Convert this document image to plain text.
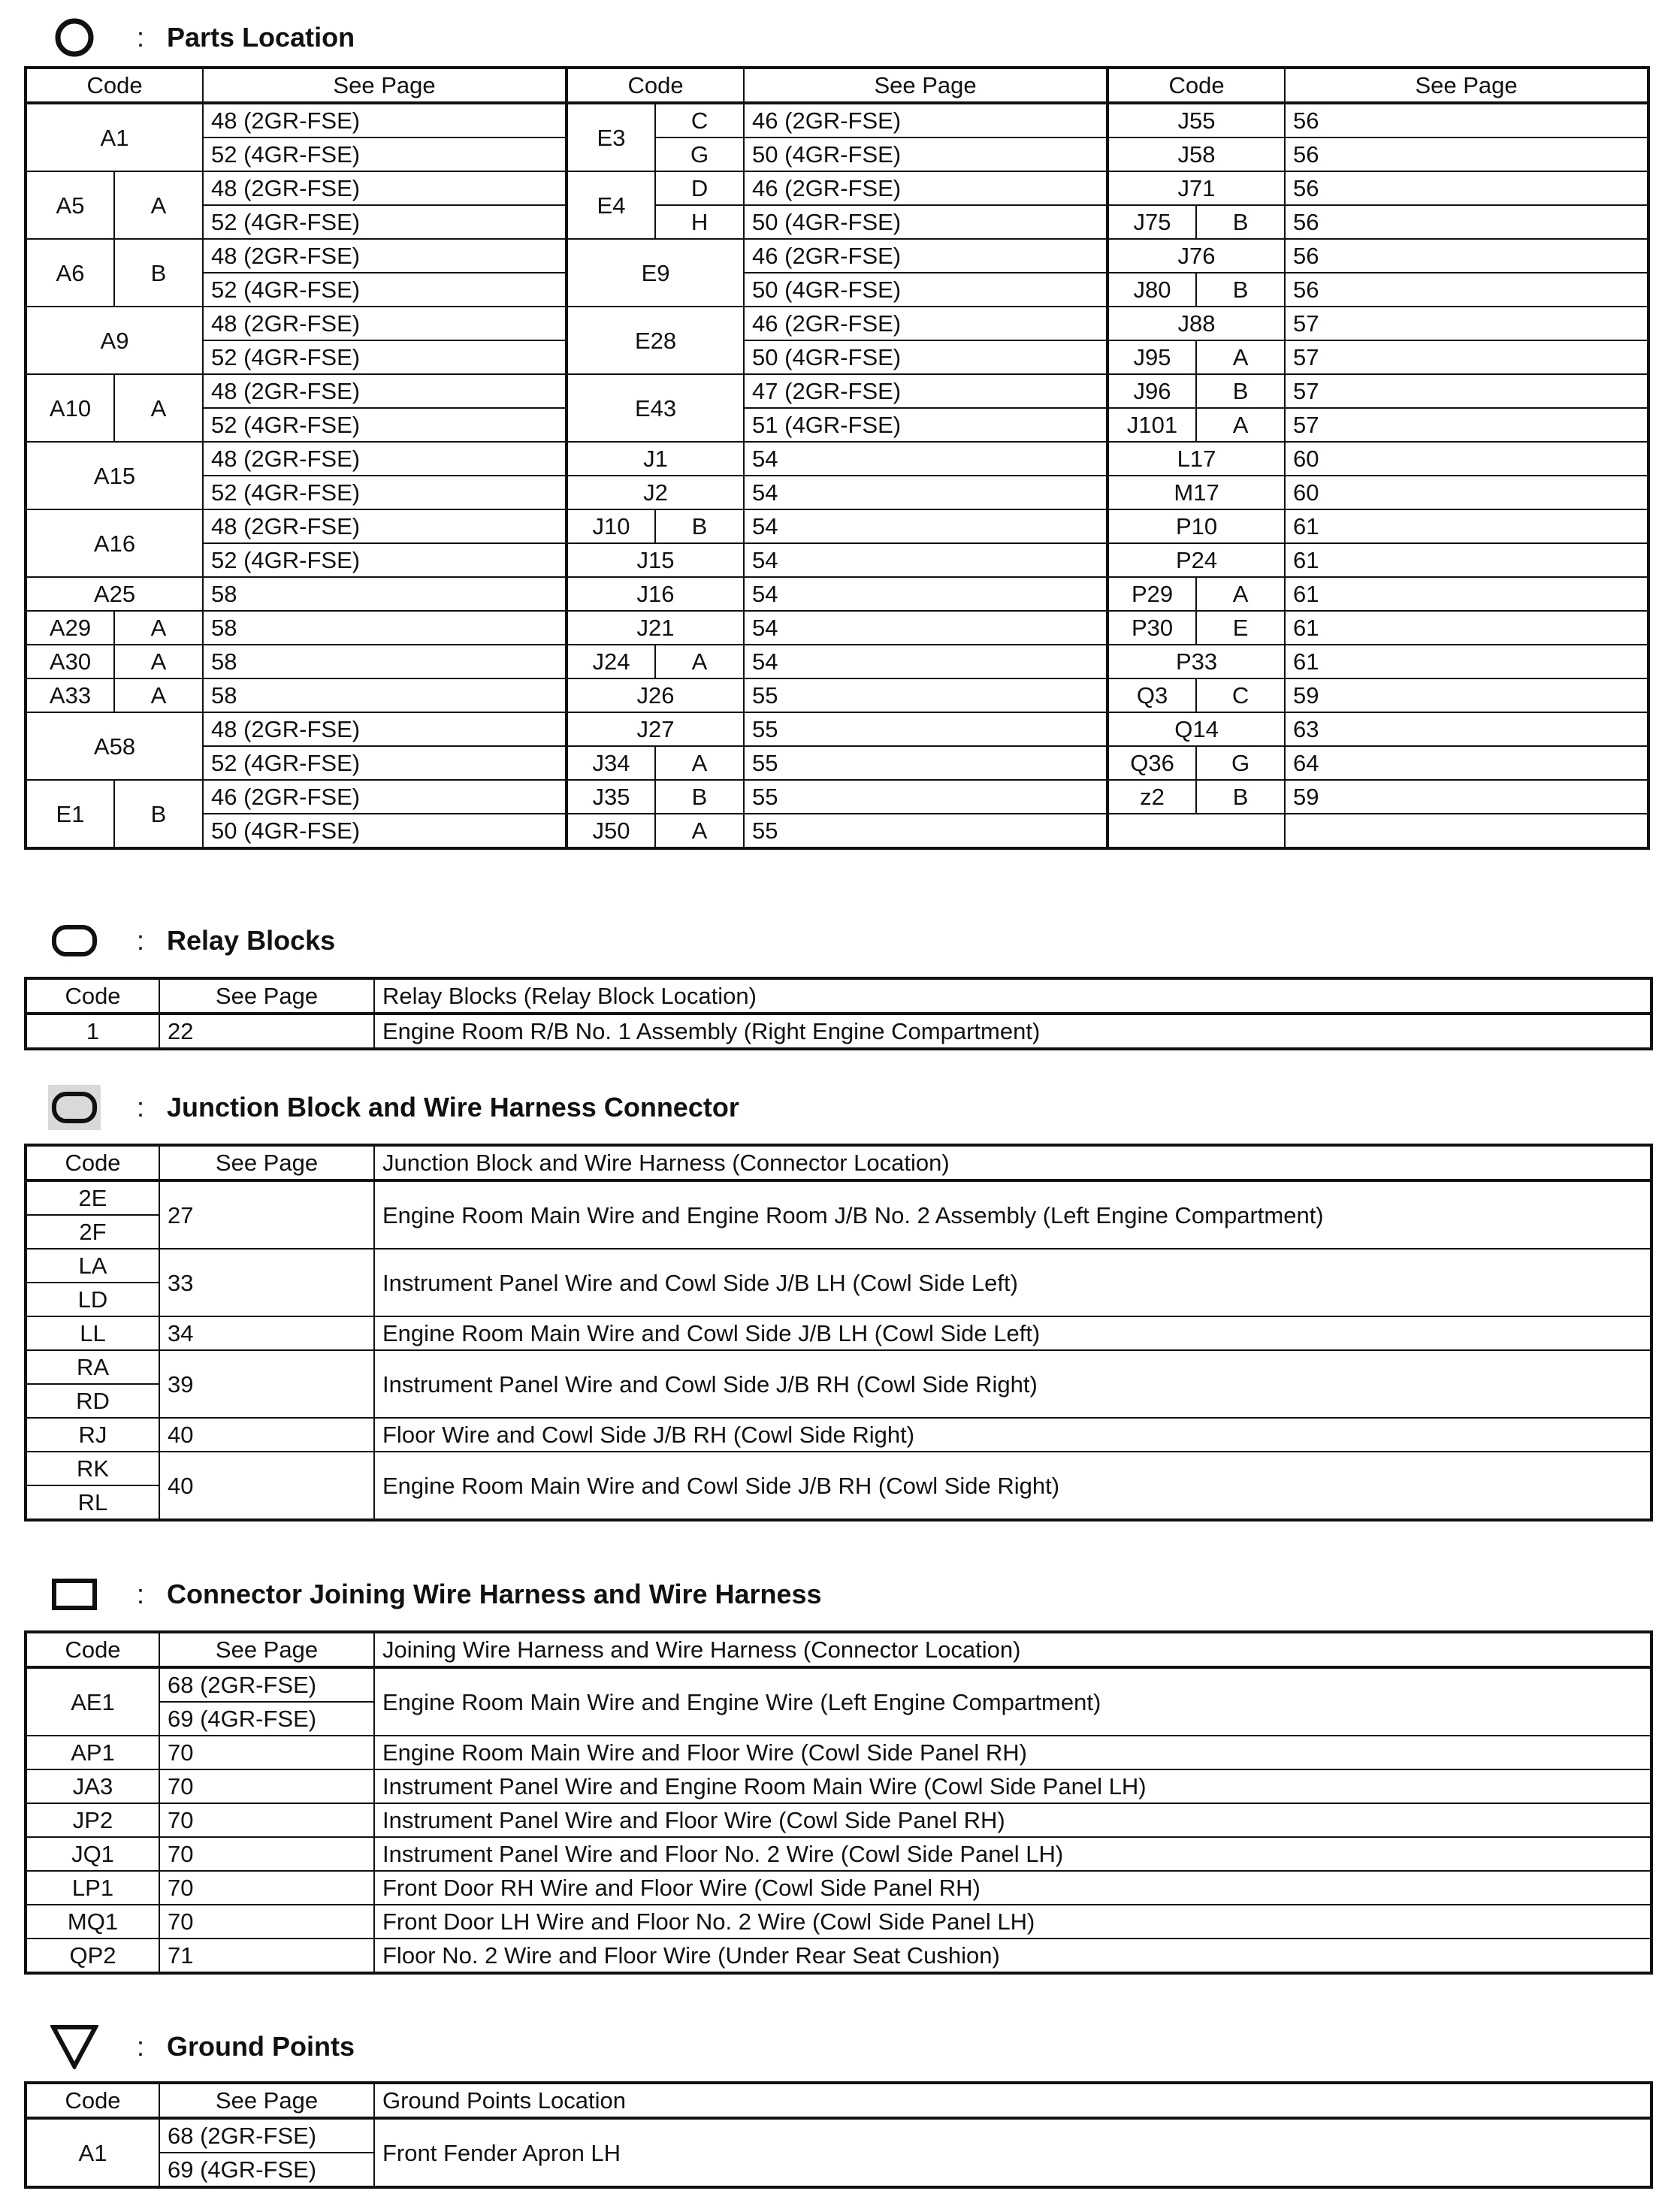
: Parts Location
Code		See Page	Code		See Page	Code		See Page
A1		48 (2GR-FSE)	E3	C	46 (2GR-FSE)	J55		56
		52 (4GR-FSE)		G	50 (4GR-FSE)	J58		56
A5	A	48 (2GR-FSE)	E4	D	46 (2GR-FSE)	J71		56
		52 (4GR-FSE)		H	50 (4GR-FSE)	J75	B	56
A6	B	48 (2GR-FSE)	E9		46 (2GR-FSE)	J76		56
		52 (4GR-FSE)			50 (4GR-FSE)	J80	B	56
A9		48 (2GR-FSE)	E28		46 (2GR-FSE)	J88		57
		52 (4GR-FSE)			50 (4GR-FSE)	J95	A	57
A10	A	48 (2GR-FSE)	E43		47 (2GR-FSE)	J96	B	57
		52 (4GR-FSE)			51 (4GR-FSE)	J101	A	57
A15		48 (2GR-FSE)	J1		54	L17		60
		52 (4GR-FSE)	J2		54	M17		60
A16		48 (2GR-FSE)	J10	B	54	P10		61
		52 (4GR-FSE)	J15		54	P24		61
A25		58	J16		54	P29	A	61
A29	A	58	J21		54	P30	E	61
A30	A	58	J24	A	54	P33		61
A33	A	58	J26		55	Q3	C	59
A58		48 (2GR-FSE)	J27		55	Q14		63
		52 (4GR-FSE)	J34	A	55	Q36	G	64
E1	B	46 (2GR-FSE)	J35	B	55	z2	B	59
		50 (4GR-FSE)	J50	A	55			
: Relay Blocks
Code	See Page	Relay Blocks (Relay Block Location)
1	22	Engine Room R/B No. 1 Assembly (Right Engine Compartment)
: Junction Block and Wire Harness Connector
Code	See Page	Junction Block and Wire Harness (Connector Location)
2E	27	Engine Room Main Wire and Engine Room J/B No. 2 Assembly (Left Engine Compartment)
2F		
LA	33	Instrument Panel Wire and Cowl Side J/B LH (Cowl Side Left)
LD		
LL	34	Engine Room Main Wire and Cowl Side J/B LH (Cowl Side Left)
RA	39	Instrument Panel Wire and Cowl Side J/B RH (Cowl Side Right)
RD		
RJ	40	Floor Wire and Cowl Side J/B RH (Cowl Side Right)
RK	40	Engine Room Main Wire and Cowl Side J/B RH (Cowl Side Right)
RL		
: Connector Joining Wire Harness and Wire Harness
Code	See Page	Joining Wire Harness and Wire Harness (Connector Location)
AE1	68 (2GR-FSE)	Engine Room Main Wire and Engine Wire (Left Engine Compartment)
	69 (4GR-FSE)	
AP1	70	Engine Room Main Wire and Floor Wire (Cowl Side Panel RH)
JA3	70	Instrument Panel Wire and Engine Room Main Wire (Cowl Side Panel LH)
JP2	70	Instrument Panel Wire and Floor Wire (Cowl Side Panel RH)
JQ1	70	Instrument Panel Wire and Floor No. 2 Wire (Cowl Side Panel LH)
LP1	70	Front Door RH Wire and Floor Wire (Cowl Side Panel RH)
MQ1	70	Front Door LH Wire and Floor No. 2 Wire (Cowl Side Panel LH)
QP2	71	Floor No. 2 Wire and Floor Wire (Under Rear Seat Cushion)
: Ground Points
Code	See Page	Ground Points Location
A1	68 (2GR-FSE)	Front Fender Apron LH
	69 (4GR-FSE)	
